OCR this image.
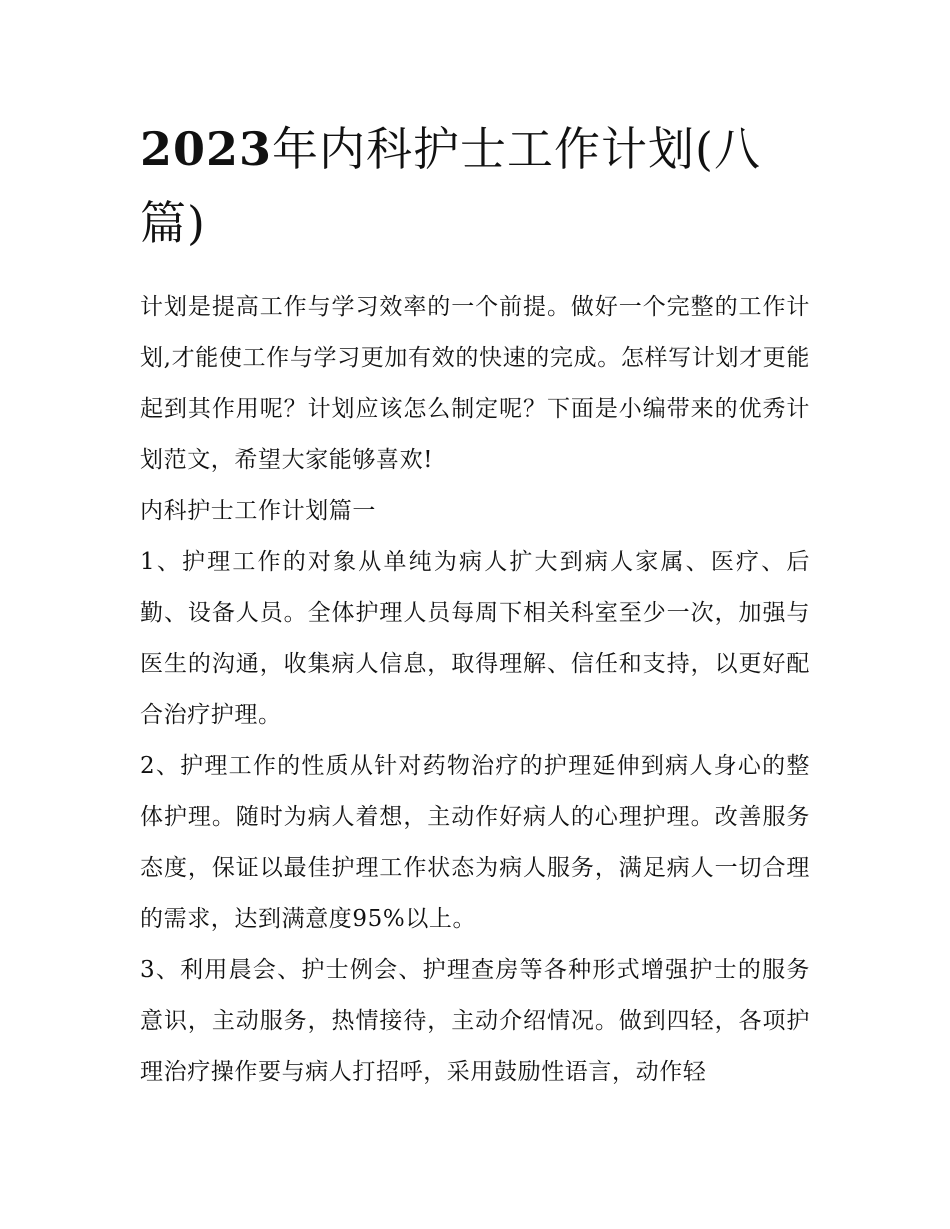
2023年内科护士工作计划(八篇)

计划是提高工作与学习效率的一个前提。做好一个完整的工作计划,才能使工作与学习更加有效的快速的完成。怎样写计划才更能起到其作用呢？计划应该怎么制定呢？下面是小编带来的优秀计划范文，希望大家能够喜欢!

内科护士工作计划篇一

1、护理工作的对象从单纯为病人扩大到病人家属、医疗、后勤、设备人员。全体护理人员每周下相关科室至少一次，加强与医生的沟通，收集病人信息，取得理解、信任和支持，以更好配合治疗护理。

2、护理工作的性质从针对药物治疗的护理延伸到病人身心的整体护理。随时为病人着想，主动作好病人的心理护理。改善服务态度，保证以最佳护理工作状态为病人服务，满足病人一切合理的需求，达到满意度95%以上。

3、利用晨会、护士例会、护理查房等各种形式增强护士的服务意识，主动服务，热情接待，主动介绍情况。做到四轻，各项护理治疗操作要与病人打招呼，采用鼓励性语言，动作轻
